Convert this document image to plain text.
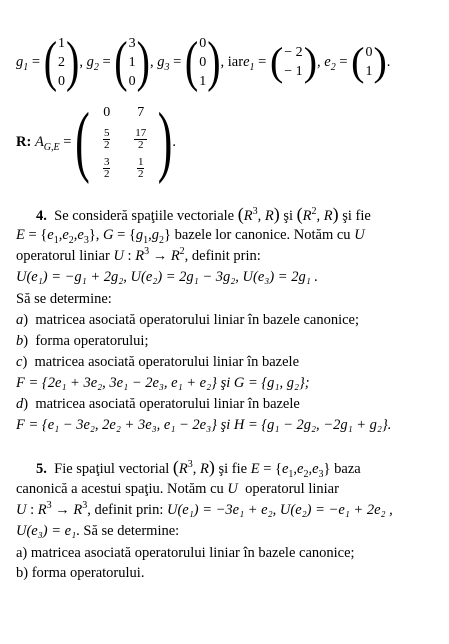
$g_1$ = ( 1
2
0 ) , $g_2$ = ( 3
1
0 ) , $g_3$ = ( 0
0
1 ) , iar $e_1$ = ( − 2
− 1 ) , $e_2$ = ( 0
1 ) .
R:
$A_{G,E}$ = ( 0	7
$\frac{5}{2} \frac{17}{2}$
$\frac{3}{2} \frac{1}{2}$ ) .
4. Se consideră spaţiile vectoriale ($R^3$, R) şi ($R^2$, R) şi fie
$E = \{e_1,e_2,e_3\}$, $G = \{g_1,g_2\}$ bazele lor canonice. Notăm cu U
operatorul liniar U : $R^3 \to R^2$, definit prin:
U(e₁) = −g₁ + 2g₂, U(e₂) = 2g₁ − 3g₂, U(e₃) = 2g₁ .
Să se determine:
a)  matricea asociată operatorului liniar în bazele canonice;
b)  forma operatorului;
c)  matricea asociată operatorului liniar în bazele
F = {2e₁ + 3e₂, 3e₁ − 2e₃, e₁ + e₂} şi G = {g₁, g₂};
d)  matricea asociată operatorului liniar în bazele
F = {e₁ − 3e₂, 2e₂ + 3e₃, e₁ − 2e₃} şi H = {g₁ − 2g₂, −2g₁ + g₂}.
5. Fie spaţiul vectorial ($R^3$, R) şi fie $E = \{e_1,e_2,e_3\}$ baza
canonică a acestui spaţiu. Notăm cu U operatorul liniar
U : $R^3 \to R^3$, definit prin: U(e₁) = −3e₁ + e₂, U(e₂) = −e₁ + 2e₂ ,
U(e₃) = e₁. Să se determine:
a) matricea asociată operatorului liniar în bazele canonice;
b) forma operatorului.
